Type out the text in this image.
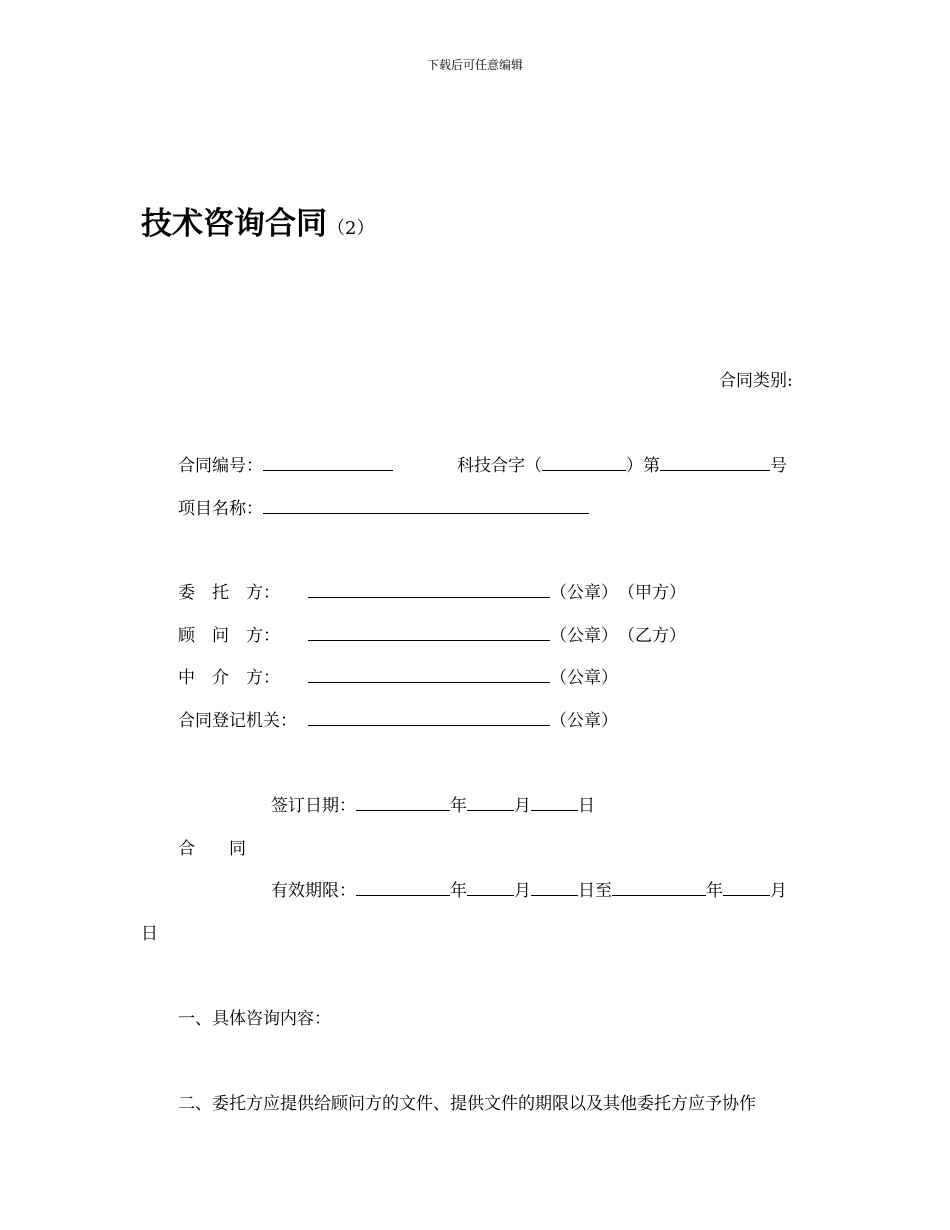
下载后可任意编辑
技术咨询合同（2）
合同类别:
合同编号：	科技合字（	）第	号
项目名称：
委　托　方：	（公章）　 （甲方）
顾　问　方：	（公章）　 （乙方）
中　介　方：	（公章）
合同登记机关：	（公章）
签订日期：	年	月	日
合　　同
有效期限：	年	月	日至	年	月
日
一、具体咨询内容：
二、委托方应提供给顾问方的文件、提供文件的期限以及其他委托方应予协作
